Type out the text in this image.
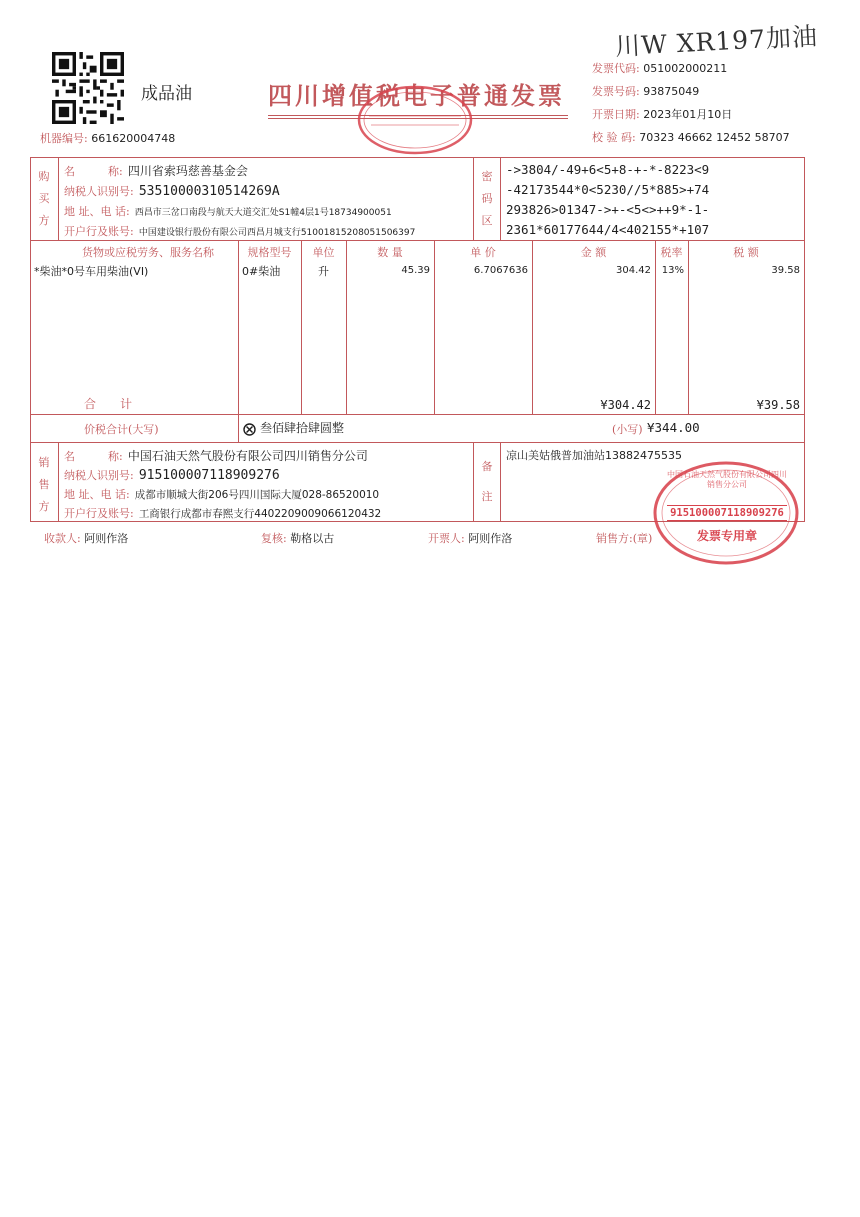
川W XR197加油
成品油	四川增值税电子普通发票
发票代码: 051002000211
发票号码: 93875049
开票日期: 2023年01月10日
校 验 码: 70323 46662 12452 58707
机器编号: 661620004748
购买方
名　　　称: 四川省索玛慈善基金会
纳税人识别号: 53510000310514269A
地 址、电 话: 西昌市三岔口南段与航天大道交汇处S1幢4层1号18734900051
开户行及账号: 中国建设银行股份有限公司西昌月城支行51001815208051506397
密码区
->3804/-49+6<5+8-+-*-8223<9
-42173544*0<5230//5*885>+74
293826>01347->+-<5<>++9*-1-
2361*60177644/4<402155*+107
货物或应税劳务、服务名称	规格型号	单位	数 量	单 价	金 额	税率	税 额
*柴油*0号车用柴油(VI)	0#柴油	升	45.39	6.7067636	304.42	13%	39.58
合　　计	¥304.42	¥39.58
价税合计(大写)	叁佰肆拾肆圆整	(小写) ¥344.00
销售方
名　　　称: 中国石油天然气股份有限公司四川销售分公司
纳税人识别号: 915100007118909276
地 址、电 话: 成都市顺城大街206号四川国际大厦028-86520010
开户行及账号: 工商银行成都市春熙支行4402209009066120432
备注
凉山美姑俄普加油站13882475535
中国石油天然气股份有限公司四川销售分公司
915100007118909276
发票专用章
收款人: 阿则作洛	复核: 勒格以古	开票人: 阿则作洛	销售方:(章)
